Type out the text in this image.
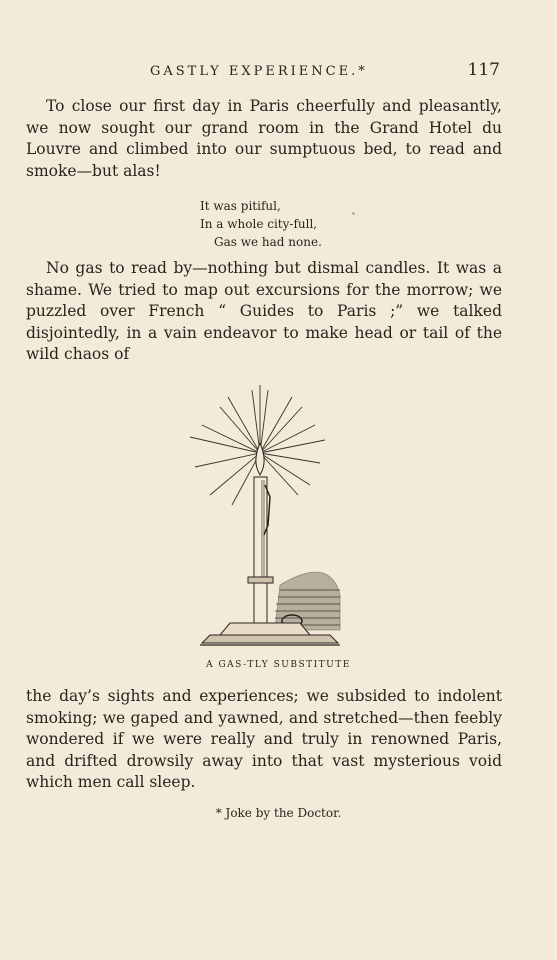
GASTLY EXPERIENCE.*	117

To close our first day in Paris cheerfully and pleasantly, we now sought our grand room in the Grand Hotel du Louvre and climbed into our sumptuous bed, to read and smoke—but alas!

It was pitiful,
In a whole city-full,
Gas we had none.

No gas to read by—nothing but dismal candles. It was a shame. We tried to map out excursions for the morrow; we puzzled over French “ Guides to Paris ;” we talked disjointedly, in a vain endeavor to make head or tail of the wild chaos of

A GAS-TLY SUBSTITUTE

the day’s sights and experiences; we subsided to indolent smoking; we gaped and yawned, and stretched—then feebly wondered if we were really and truly in renowned Paris, and drifted drowsily away into that vast mysterious void which men call sleep.

* Joke by the Doctor.
